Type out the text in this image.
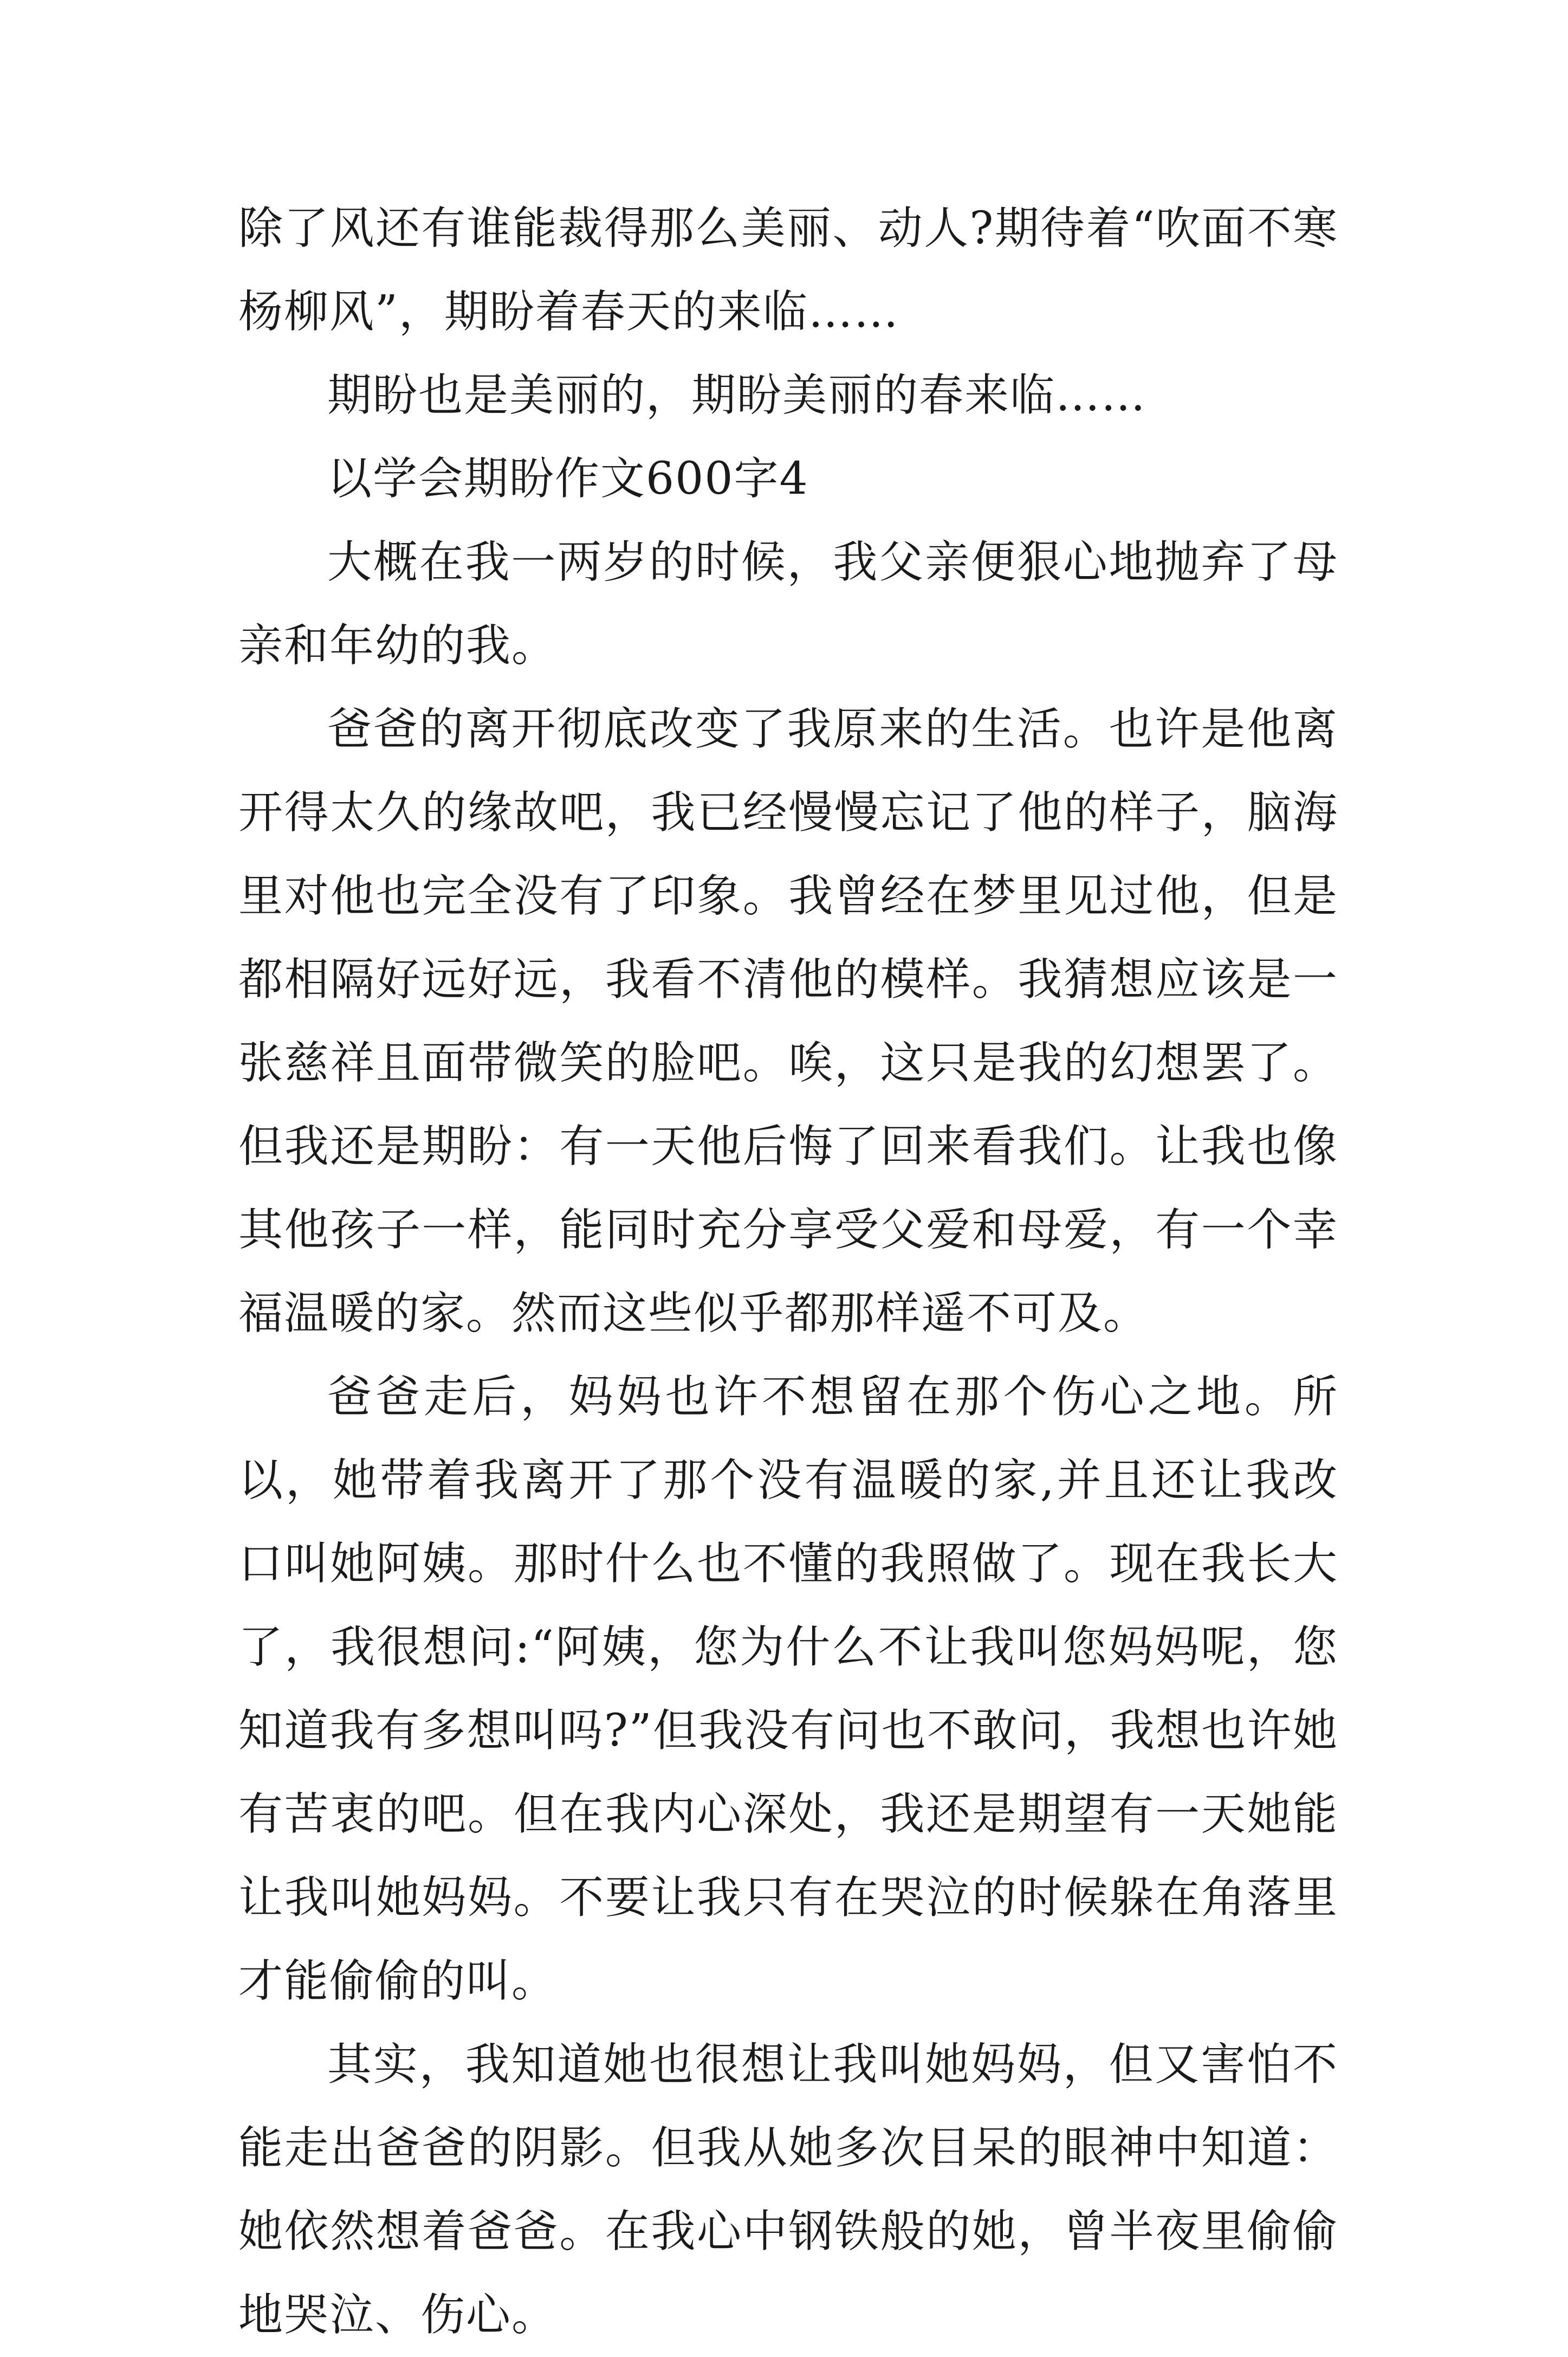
除了风还有谁能裁得那么美丽、动人?期待着“吹面不寒杨柳风”，期盼着春天的来临……

期盼也是美丽的，期盼美丽的春来临……

以学会期盼作文600字4

大概在我一两岁的时候，我父亲便狠心地抛弃了母亲和年幼的我。

爸爸的离开彻底改变了我原来的生活。也许是他离开得太久的缘故吧，我已经慢慢忘记了他的样子，脑海里对他也完全没有了印象。我曾经在梦里见过他，但是都相隔好远好远，我看不清他的模样。我猜想应该是一张慈祥且面带微笑的脸吧。唉，这只是我的幻想罢了。但我还是期盼：有一天他后悔了回来看我们。让我也像其他孩子一样，能同时充分享受父爱和母爱，有一个幸福温暖的家。然而这些似乎都那样遥不可及。

爸爸走后，妈妈也许不想留在那个伤心之地。所以，她带着我离开了那个没有温暖的家,并且还让我改口叫她阿姨。那时什么也不懂的我照做了。现在我长大了，我很想问:“阿姨，您为什么不让我叫您妈妈呢，您知道我有多想叫吗?”但我没有问也不敢问，我想也许她有苦衷的吧。但在我内心深处，我还是期望有一天她能让我叫她妈妈。不要让我只有在哭泣的时候躲在角落里才能偷偷的叫。

其实，我知道她也很想让我叫她妈妈，但又害怕不能走出爸爸的阴影。但我从她多次目呆的眼神中知道：她依然想着爸爸。在我心中钢铁般的她，曾半夜里偷偷地哭泣、伤心。
